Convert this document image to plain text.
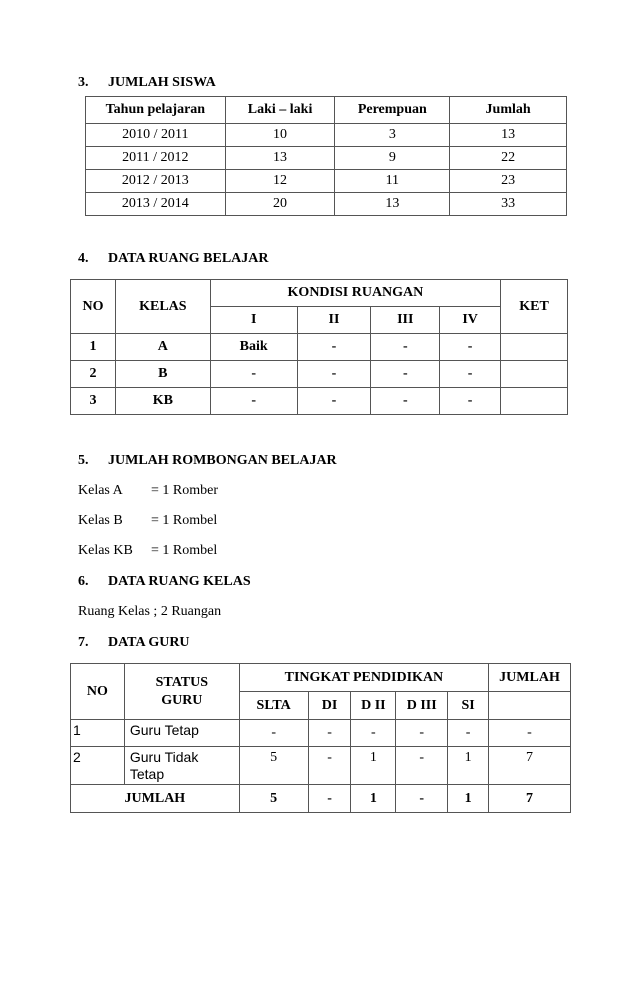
3. JUMLAH SISWA
Tahun pelajaran	Laki – laki	Perempuan	Jumlah
2010 / 2011	10	3	13
2011 / 2012	13	9	22
2012 / 2013	12	11	23
2013 / 2014	20	13	33
4. DATA RUANG BELAJAR
NO	KELAS	KONDISI RUANGAN				KET
		I	II	III	IV	
1	A	Baik	-	-	-	
2	B	-	-	-	-	
3	KB	-	-	-	-	
5. JUMLAH ROMBONGAN BELAJAR
Kelas A = 1 Romber
Kelas B = 1 Rombel
Kelas KB = 1 Rombel
6. DATA RUANG KELAS
Ruang Kelas ; 2 Ruangan
7. DATA GURU
NO	STATUS GURU	TINGKAT PENDIDIKAN					JUMLAH
		SLTA	DI	D II	D III	SI	
1	Guru Tetap	-	-	-	-	-	-
2	Guru Tidak Tetap	5	-	1	-	1	7
JUMLAH		5	-	1	-	1	7
